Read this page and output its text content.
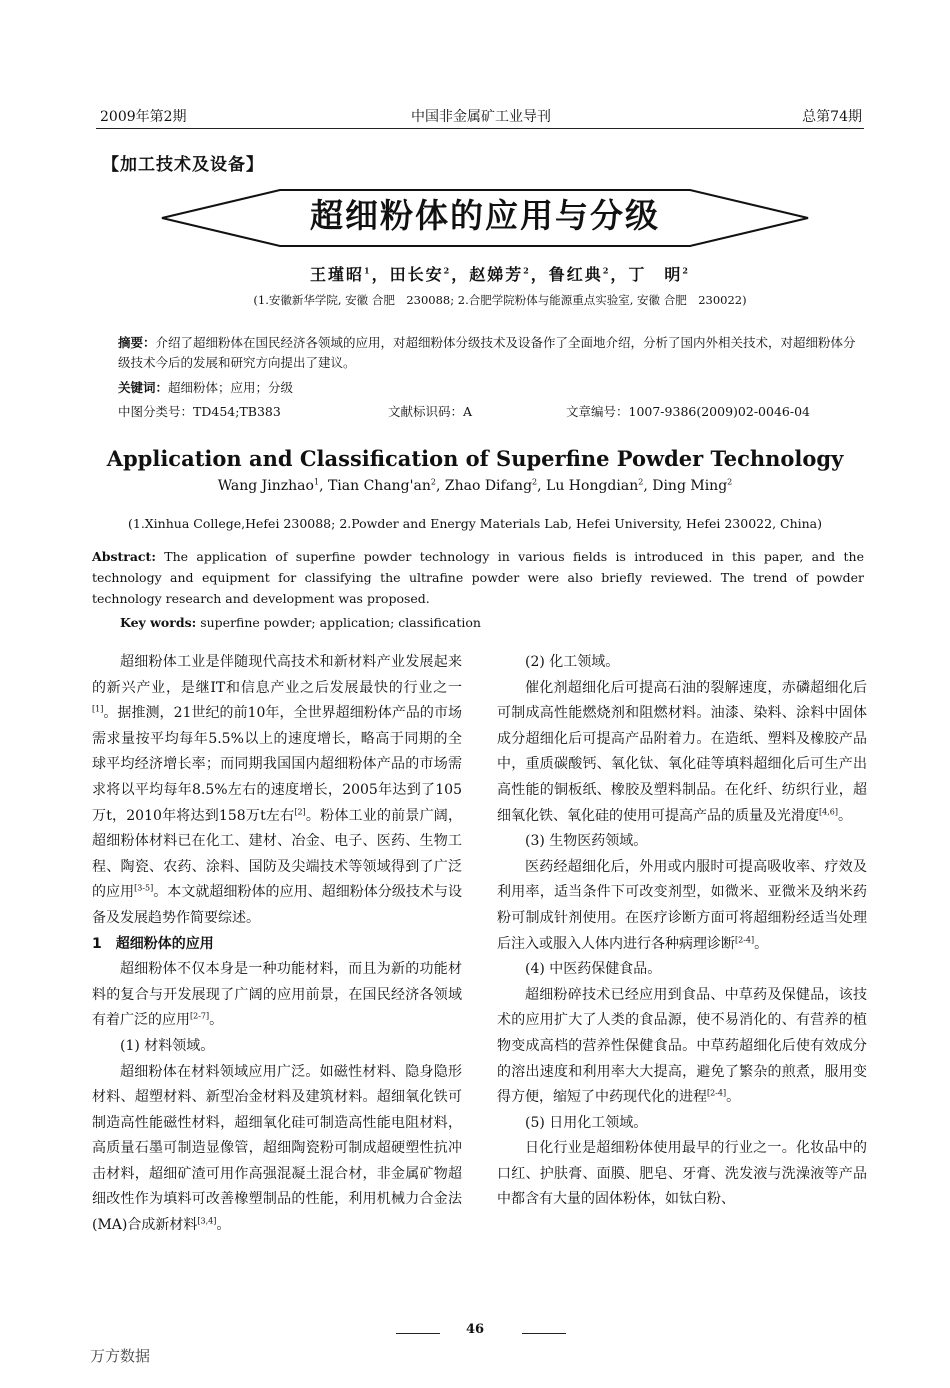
2009年第2期	中国非金属矿工业导刊	总第74期
【加工技术及设备】
超细粉体的应用与分级
王瑾昭$^1$，田长安$^2$，赵娣芳$^2$，鲁红典$^2$，丁　明$^2$
(1.安徽新华学院, 安徽 合肥　230088; 2.合肥学院粉体与能源重点实验室, 安徽 合肥　230022)
摘要：介绍了超细粉体在国民经济各领域的应用，对超细粉体分级技术及设备作了全面地介绍，分析了国内外相关技术，对超细粉体分级技术今后的发展和研究方向提出了建议。
关键词：超细粉体；应用；分级
中图分类号：TD454;TB383	文献标识码：A	文章编号：1007-9386(2009)02-0046-04
Application and Classification of Superfine Powder Technology
Wang Jinzhao$^1$, Tian $Chang'an^2$, Zhao Difang$^2$, Lu Hongdian$^2$, Ding Ming$^2$
(1.Xinhua College,Hefei 230088; 2.Powder and Energy Materials Lab, Hefei University, Hefei 230022, China)
Abstract: The application of superfine powder technology in various fields is introduced in this paper, and the technology and equipment for classifying the ultrafine powder were also briefly reviewed. The trend of powder technology research and development was proposed.
Key words: superfine powder; application; classification

超细粉体工业是伴随现代高技术和新材料产业发展起来的新兴产业，是继IT和信息产业之后发展最快的行业之一[1]。据推测，21世纪的前10年，全世界超细粉体产品的市场需求量按平均每年5.5%以上的速度增长，略高于同期的全球平均经济增长率；而同期我国国内超细粉体产品的市场需求将以平均每年8.5%左右的速度增长，2005年达到了105万t，2010年将达到158万t左右[2]。粉体工业的前景广阔，超细粉体材料已在化工、建材、冶金、电子、医药、生物工程、陶瓷、农药、涂料、国防及尖端技术等领域得到了广泛的应用[3-5]。本文就超细粉体的应用、超细粉体分级技术与设备及发展趋势作简要综述。

1　超细粉体的应用

超细粉体不仅本身是一种功能材料，而且为新的功能材料的复合与开发展现了广阔的应用前景，在国民经济各领域有着广泛的应用[2-7]。

(1) 材料领域。

超细粉体在材料领域应用广泛。如磁性材料、隐身隐形材料、超塑材料、新型冶金材料及建筑材料。超细氧化铁可制造高性能磁性材料，超细氧化硅可制造高性能电阻材料，高质量石墨可制造显像管，超细陶瓷粉可制成超硬塑性抗冲击材料，超细矿渣可用作高强混凝土混合材，非金属矿物超细改性作为填料可改善橡塑制品的性能，利用机械力合金法(MA)合成新材料[3,4]。

(2) 化工领域。

催化剂超细化后可提高石油的裂解速度，赤磷超细化后可制成高性能燃烧剂和阻燃材料。油漆、染料、涂料中固体成分超细化后可提高产品附着力。在造纸、塑料及橡胶产品中，重质碳酸钙、氧化钛、氧化硅等填料超细化后可生产出高性能的铜板纸、橡胶及塑料制品。在化纤、纺织行业，超细氧化铁、氧化硅的使用可提高产品的质量及光滑度[4,6]。

(3) 生物医药领域。

医药经超细化后，外用或内服时可提高吸收率、疗效及利用率，适当条件下可改变剂型，如微米、亚微米及纳米药粉可制成针剂使用。在医疗诊断方面可将超细粉经适当处理后注入或服入人体内进行各种病理诊断[2-4]。

(4) 中医药保健食品。

超细粉碎技术已经应用到食品、中草药及保健品，该技术的应用扩大了人类的食品源，使不易消化的、有营养的植物变成高档的营养性保健食品。中草药超细化后使有效成分的溶出速度和利用率大大提高，避免了繁杂的煎煮，服用变得方便，缩短了中药现代化的进程[2-4]。

(5) 日用化工领域。

日化行业是超细粉体使用最早的行业之一。化妆品中的口红、护肤膏、面膜、肥皂、牙膏、洗发液与洗澡液等产品中都含有大量的固体粉体，如钛白粉、

46
万方数据
